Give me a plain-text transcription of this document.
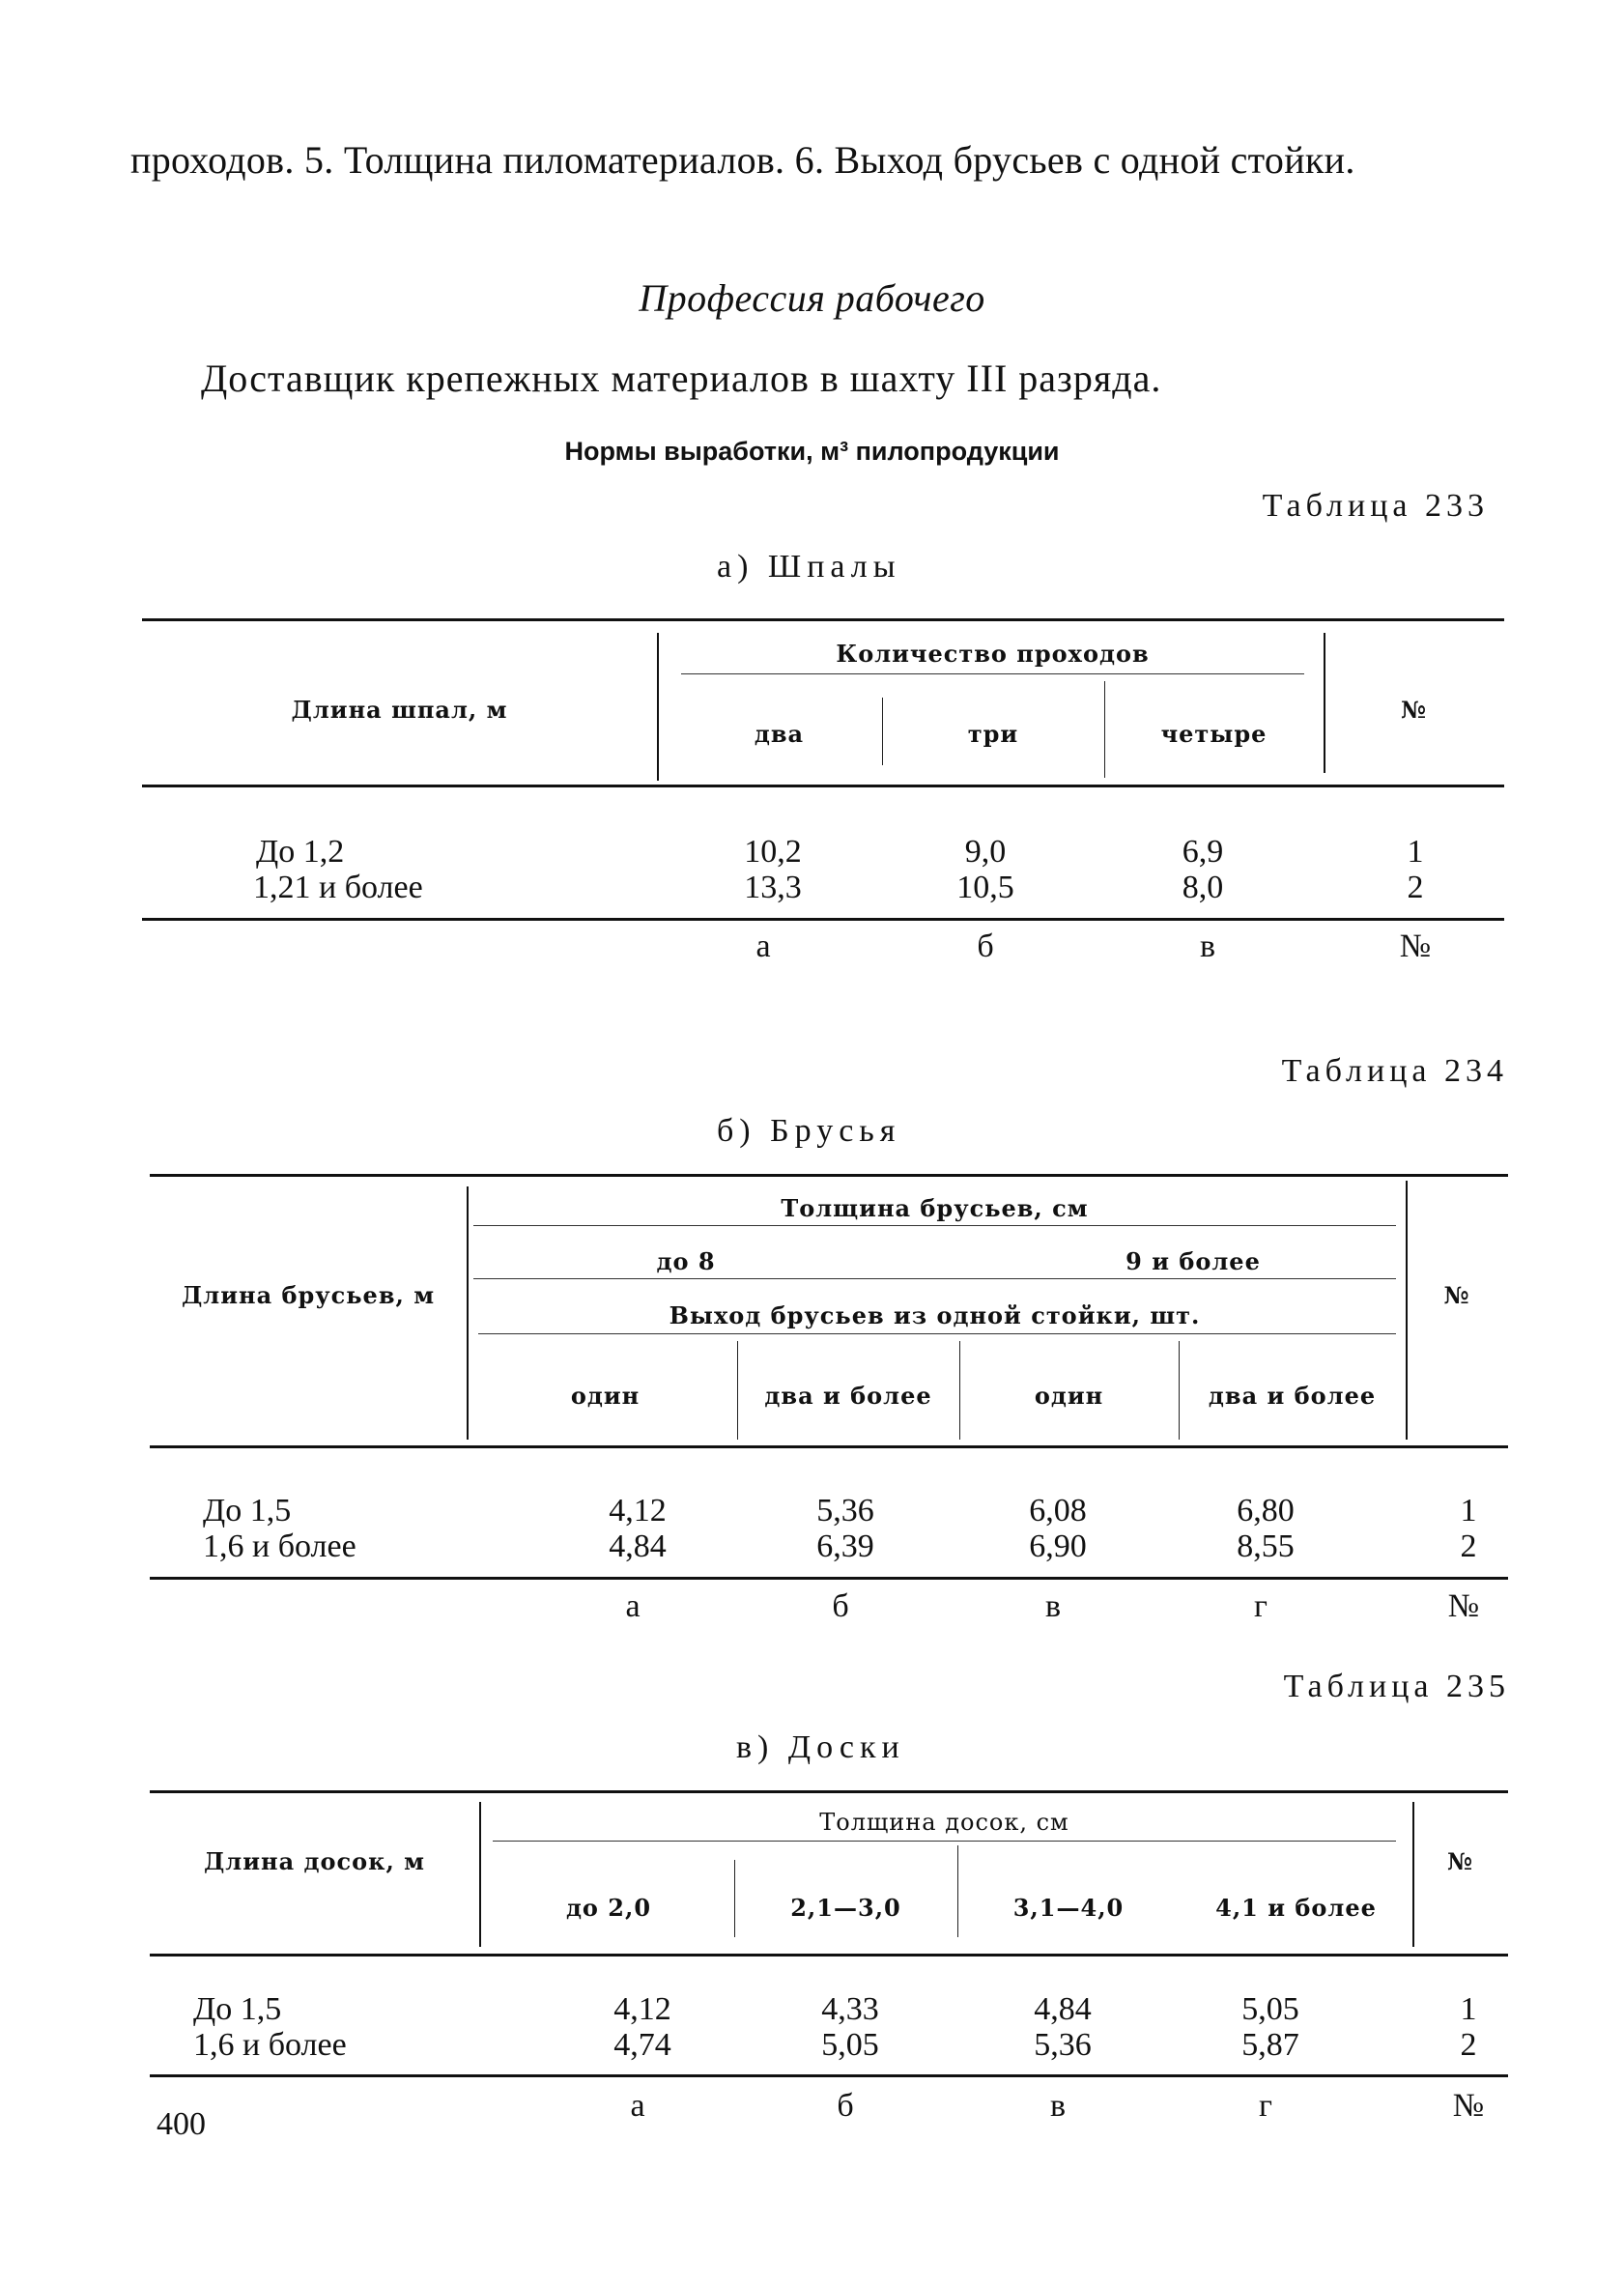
проходов. 5. Толщина пиломатериалов. 6. Выход брусьев с одной стойки.
Профессия рабочего
Доставщик крепежных материалов в шахту III разряда.
Нормы выработки, м³ пилопродукции
Таблица 233
а) Шпалы
Длина шпал, м
Количество проходов
два	три	четыре
№
До 1,2	10,2	9,0	6,9	1
1,21 и более	13,3	10,5	8,0	2
а	б	в	№
Таблица 234
б) Брусья
Толщина брусьев, см
до 8	9 и более
Выход брусьев из одной стойки, шт.
Длина брусьев, м
один	два и более	один	два и более
№
До 1,5	4,12	5,36	6,08	6,80	1
1,6 и более	4,84	6,39	6,90	8,55	2
а	б	в	г	№
Таблица 235
в) Доски
Толщина досок, см
Длина досок, м
до 2,0	2,1—3,0	3,1—4,0	4,1 и более
№
До 1,5	4,12	4,33	4,84	5,05	1
1,6 и более	4,74	5,05	5,36	5,87	2
а	б	в	г	№
400
